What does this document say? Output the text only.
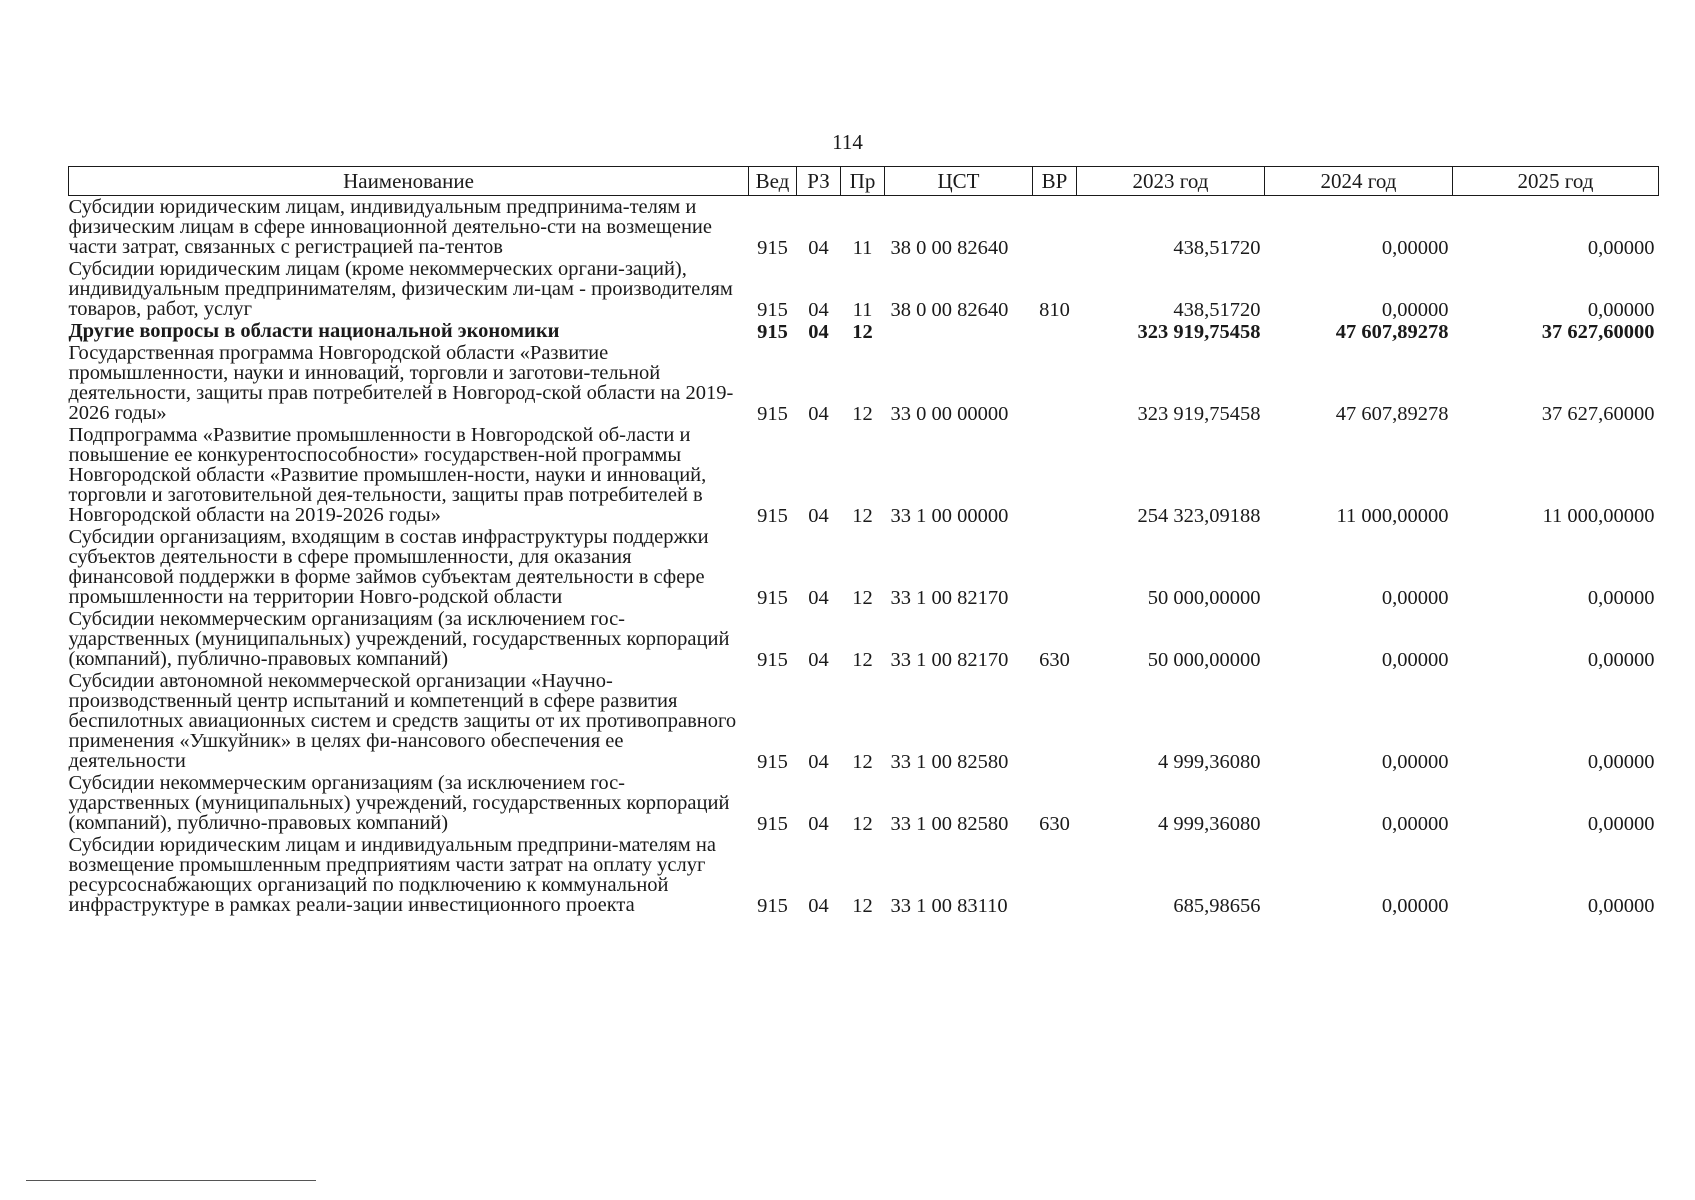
114
Наименование	Вед	РЗ	Пр	ЦСТ	ВР	2023 год	2024 год	2025 год
Субсидии юридическим лицам, индивидуальным предпринима-телям и физическим лицам в сфере инновационной деятельно-сти на возмещение части затрат, связанных с регистрацией па-тентов	915	04	11	38 0 00 82640		438,51720	0,00000	0,00000
Субсидии юридическим лицам (кроме некоммерческих органи-заций), индивидуальным предпринимателям, физическим ли-цам - производителям товаров, работ, услуг	915	04	11	38 0 00 82640	810	438,51720	0,00000	0,00000
Другие вопросы в области национальной экономики	915	04	12			323 919,75458	47 607,89278	37 627,60000
Государственная программа Новгородской области «Развитие промышленности, науки и инноваций, торговли и заготови-тельной деятельности, защиты прав потребителей в Новгород-ской области на 2019-2026 годы»	915	04	12	33 0 00 00000		323 919,75458	47 607,89278	37 627,60000
Подпрограмма «Развитие промышленности в Новгородской об-ласти и повышение ее конкурентоспособности» государствен-ной программы Новгородской области «Развитие промышлен-ности, науки и инноваций, торговли и заготовительной дея-тельности, защиты прав потребителей в Новгородской области на 2019-2026 годы»	915	04	12	33 1 00 00000		254 323,09188	11 000,00000	11 000,00000
Субсидии организациям, входящим в состав инфраструктуры поддержки субъектов деятельности в сфере промышленности, для оказания финансовой поддержки в форме займов субъектам деятельности в сфере промышленности на территории Новго-родской области	915	04	12	33 1 00 82170		50 000,00000	0,00000	0,00000
Субсидии некоммерческим организациям (за исключением гос-ударственных (муниципальных) учреждений, государственных корпораций (компаний), публично-правовых компаний)	915	04	12	33 1 00 82170	630	50 000,00000	0,00000	0,00000
Субсидии автономной некоммерческой организации «Научно-производственный центр испытаний и компетенций в сфере развития беспилотных авиационных систем и средств защиты от их противоправного применения «Ушкуйник» в целях фи-нансового обеспечения ее деятельности	915	04	12	33 1 00 82580		4 999,36080	0,00000	0,00000
Субсидии некоммерческим организациям (за исключением гос-ударственных (муниципальных) учреждений, государственных корпораций (компаний), публично-правовых компаний)	915	04	12	33 1 00 82580	630	4 999,36080	0,00000	0,00000
Субсидии юридическим лицам и индивидуальным предприни-мателям на возмещение промышленным предприятиям части затрат на оплату услуг ресурсоснабжающих организаций по подключению к коммунальной инфраструктуре в рамках реали-зации инвестиционного проекта	915	04	12	33 1 00 83110		685,98656	0,00000	0,00000
